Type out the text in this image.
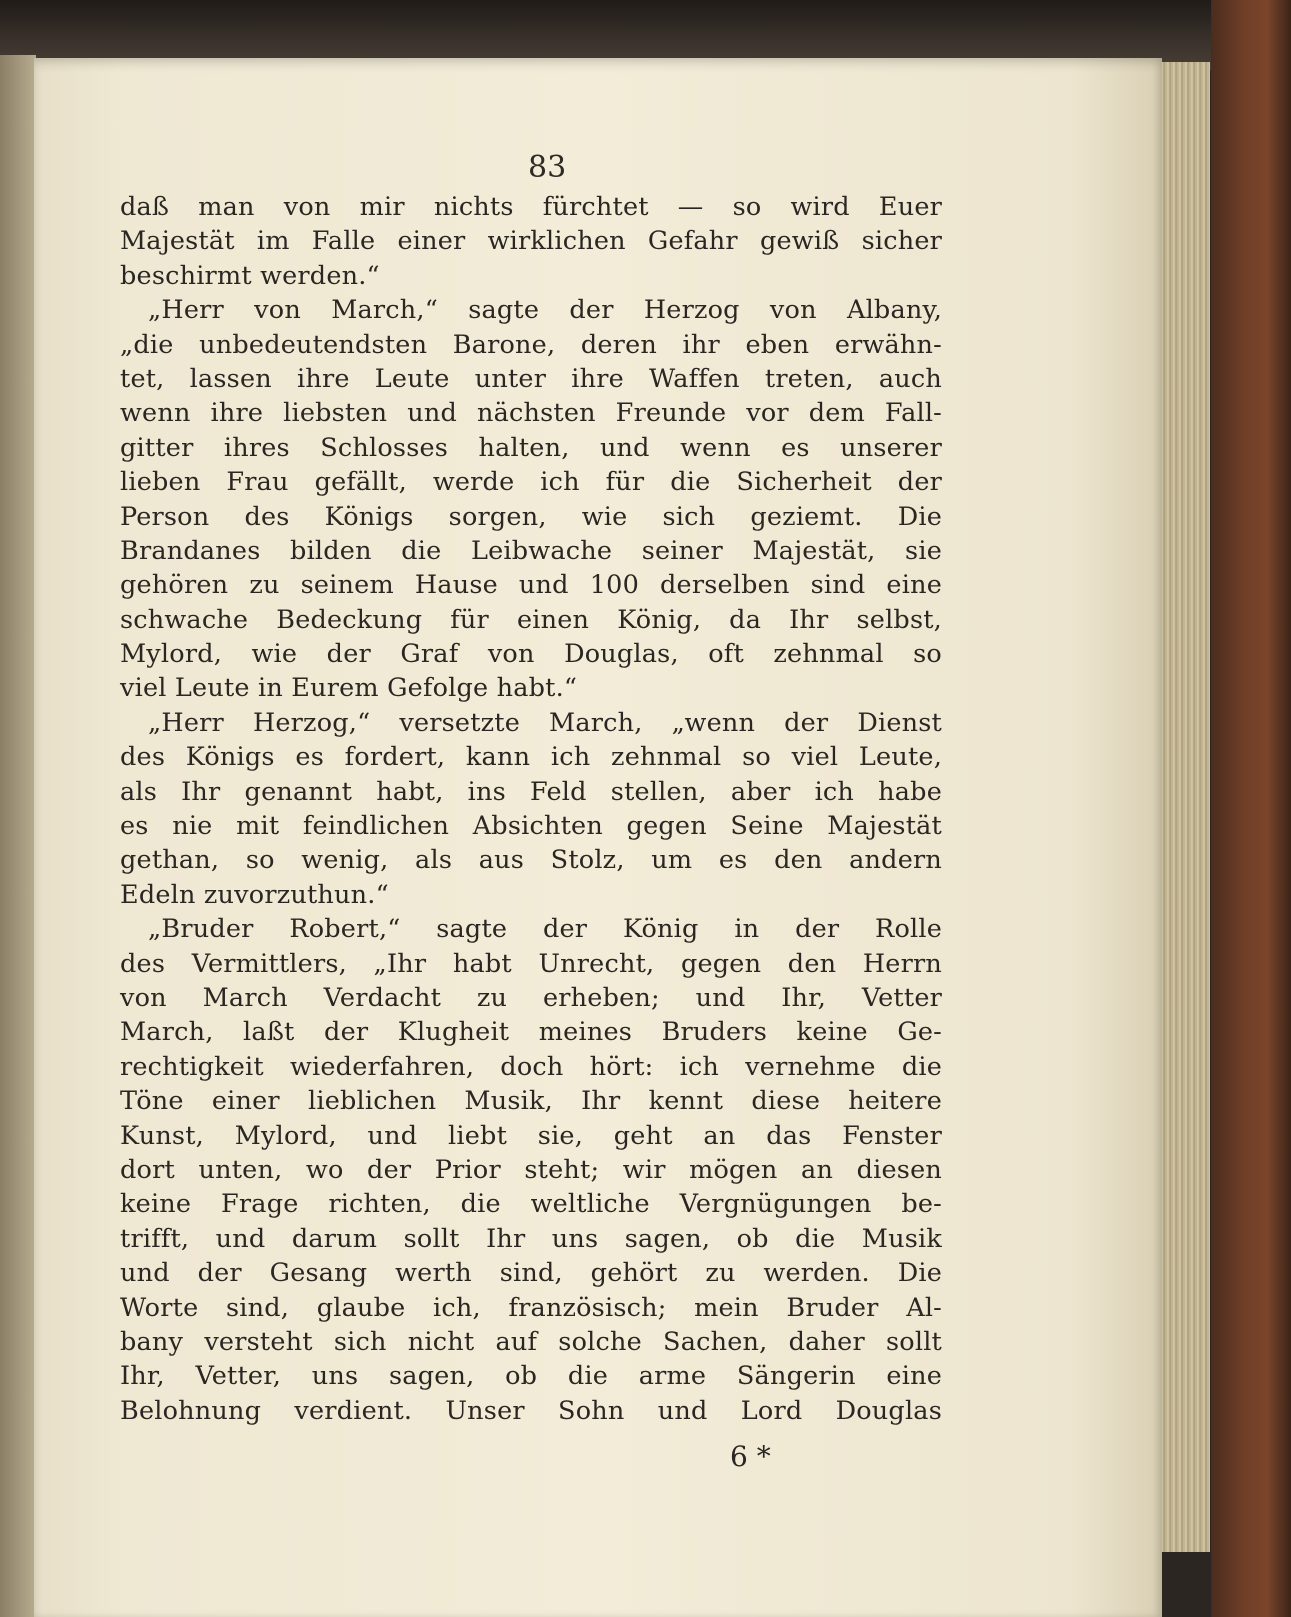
83
daß man von mir nichts fürchtet — so wird Euer
Majestät im Falle einer wirklichen Gefahr gewiß sicher
beschirmt werden.“
„Herr von March,“ sagte der Herzog von Albany,
„die unbedeutendsten Barone, deren ihr eben erwähn-
tet, lassen ihre Leute unter ihre Waffen treten, auch
wenn ihre liebsten und nächsten Freunde vor dem Fall-
gitter ihres Schlosses halten, und wenn es unserer
lieben Frau gefällt, werde ich für die Sicherheit der
Person des Königs sorgen, wie sich geziemt. Die
Brandanes bilden die Leibwache seiner Majestät, sie
gehören zu seinem Hause und 100 derselben sind eine
schwache Bedeckung für einen König, da Ihr selbst,
Mylord, wie der Graf von Douglas, oft zehnmal so
viel Leute in Eurem Gefolge habt.“
„Herr Herzog,“ versetzte March, „wenn der Dienst
des Königs es fordert, kann ich zehnmal so viel Leute,
als Ihr genannt habt, ins Feld stellen, aber ich habe
es nie mit feindlichen Absichten gegen Seine Majestät
gethan, so wenig, als aus Stolz, um es den andern
Edeln zuvorzuthun.“
„Bruder Robert,“ sagte der König in der Rolle
des Vermittlers, „Ihr habt Unrecht, gegen den Herrn
von March Verdacht zu erheben; und Ihr, Vetter
March, laßt der Klugheit meines Bruders keine Ge-
rechtigkeit wiederfahren, doch hört: ich vernehme die
Töne einer lieblichen Musik, Ihr kennt diese heitere
Kunst, Mylord, und liebt sie, geht an das Fenster
dort unten, wo der Prior steht; wir mögen an diesen
keine Frage richten, die weltliche Vergnügungen be-
trifft, und darum sollt Ihr uns sagen, ob die Musik
und der Gesang werth sind, gehört zu werden. Die
Worte sind, glaube ich, französisch; mein Bruder Al-
bany versteht sich nicht auf solche Sachen, daher sollt
Ihr, Vetter, uns sagen, ob die arme Sängerin eine
Belohnung verdient. Unser Sohn und Lord Douglas
6 *
